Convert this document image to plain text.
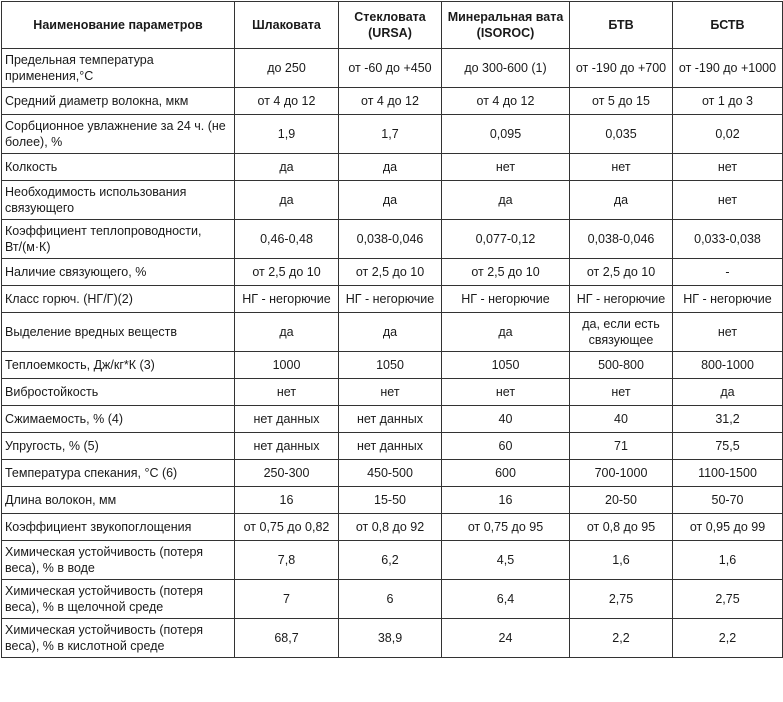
Наименование параметров	Шлаковата	Стекловата (URSA)	Минеральная вата (ISOROC)	БТВ	БСТВ
Предельная температура применения,°С	до 250	от -60 до +450	до 300-600 (1)	от -190 до +700	от -190 до +1000
Средний диаметр волокна, мкм	от 4 до 12	от 4 до 12	от 4 до 12	от 5 до 15	от 1 до 3
Сорбционное увлажнение за 24 ч. (не более), %	1,9	1,7	0,095	0,035	0,02
Колкость	да	да	нет	нет	нет
Необходимость использования связующего	да	да	да	да	нет
Коэффициент теплопроводности, Вт/(м·К)	0,46-0,48	0,038-0,046	0,077-0,12	0,038-0,046	0,033-0,038
Наличие связующего, %	от 2,5 до 10	от 2,5 до 10	от 2,5 до 10	от 2,5 до 10	-
Класс горюч. (НГ/Г)(2)	НГ - негорючие	НГ - негорючие	НГ - негорючие	НГ - негорючие	НГ - негорючие
Выделение вредных веществ	да	да	да	да, если есть связующее	нет
Теплоемкость, Дж/кг*К (3)	1000	1050	1050	500-800	800-1000
Виброcтойкость	нет	нет	нет	нет	да
Сжимаемость, % (4)	нет данных	нет данных	40	40	31,2
Упругость, % (5)	нет данных	нет данных	60	71	75,5
Температура спекания, °С (6)	250-300	450-500	600	700-1000	1100-1500
Длина волокон, мм	16	15-50	16	20-50	50-70
Коэффициент звукопоглощения	от 0,75 до 0,82	от 0,8 до 92	от 0,75 до 95	от 0,8 до 95	от 0,95 до 99
Химическая устойчивость (потеря веса), % в воде	7,8	6,2	4,5	1,6	1,6
Химическая устойчивость (потеря веса), % в щелочной среде	7	6	6,4	2,75	2,75
Химическая устойчивость (потеря веса), % в кислотной среде	68,7	38,9	24	2,2	2,2
